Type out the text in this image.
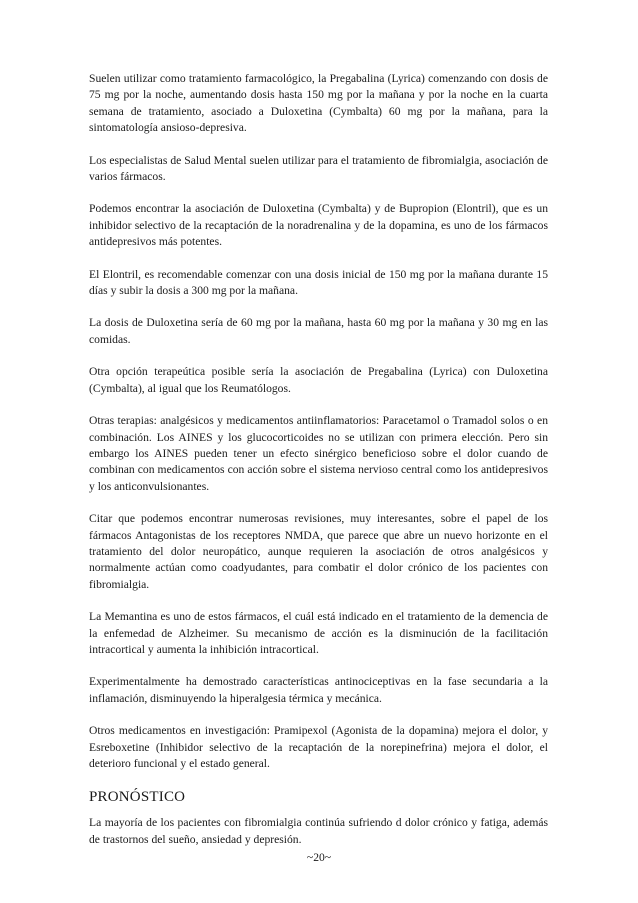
Suelen utilizar como tratamiento farmacológico, la Pregabalina (Lyrica) comenzando con dosis de 75 mg por la noche, aumentando dosis hasta 150 mg por la mañana y por la noche en la cuarta semana de tratamiento, asociado a Duloxetina (Cymbalta) 60 mg por la mañana, para la sintomatología ansioso-depresiva.

Los especialistas de Salud Mental suelen utilizar para el tratamiento de fibromialgia, asociación de varios fármacos.

Podemos encontrar la asociación de Duloxetina (Cymbalta) y de Bupropion (Elontril), que es un inhibidor selectivo de la recaptación de la noradrenalina y de la dopamina, es uno de los fármacos antidepresivos más potentes.

El Elontril, es recomendable comenzar con una dosis inicial de 150 mg por la mañana durante 15 días y subir la dosis a 300 mg por la mañana.

La dosis de Duloxetina sería de 60 mg por la mañana, hasta 60 mg por la mañana y 30 mg en las comidas.

Otra opción terapeútica posible sería la asociación de Pregabalina (Lyrica) con Duloxetina (Cymbalta), al igual que los Reumatólogos.

Otras terapias: analgésicos y medicamentos antiinflamatorios: Paracetamol o Tramadol solos o en combinación. Los AINES y los glucocorticoides no se utilizan con primera elección. Pero sin embargo los AINES pueden tener un efecto sinérgico beneficioso sobre el dolor cuando de combinan con medicamentos con acción sobre el sistema nervioso central como los antidepresivos y los anticonvulsionantes.

Citar que podemos encontrar numerosas revisiones, muy interesantes, sobre el papel de los fármacos Antagonistas de los receptores NMDA, que parece que abre un nuevo horizonte en el tratamiento del dolor neuropático, aunque requieren la asociación de otros analgésicos y normalmente actúan como coadyudantes, para combatir el dolor crónico de los pacientes con fibromialgia.

La Memantina es uno de estos fármacos, el cuál está indicado en el tratamiento de la demencia de la enfemedad de Alzheimer. Su mecanismo de acción es la disminución de la facilitación intracortical y aumenta la inhibición intracortical.

Experimentalmente ha demostrado características antinociceptivas en la fase secundaria a la inflamación, disminuyendo la hiperalgesia térmica y mecánica.

Otros medicamentos en investigación: Pramipexol (Agonista de la dopamina) mejora el dolor, y Esreboxetine (Inhibidor selectivo de la recaptación de la norepinefrina) mejora el dolor, el deterioro funcional y el estado general.

PRONÓSTICO

La mayoría de los pacientes con fibromialgia continúa sufriendo d dolor crónico y fatiga, además de trastornos del sueño, ansiedad y depresión.

~20~
